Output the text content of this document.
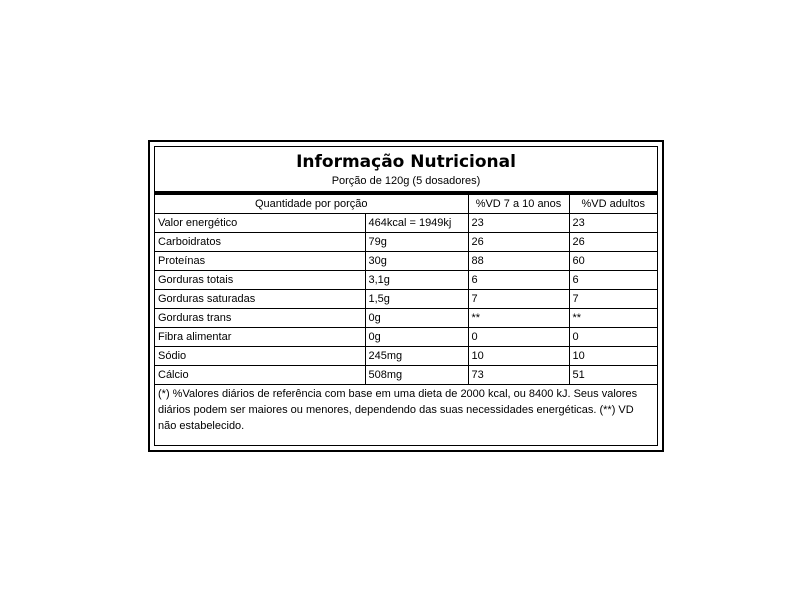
Informação Nutricional
Porção de 120g (5 dosadores)
Quantidade por porção		%VD 7 a 10 anos	%VD adultos
Valor energético	464kcal = 1949kj	23	23
Carboidratos	79g	26	26
Proteínas	30g	88	60
Gorduras totais	3,1g	6	6
Gorduras saturadas	1,5g	7	7
Gorduras trans	0g	**	**
Fibra alimentar	0g	0	0
Sódio	245mg	10	10
Cálcio	508mg	73	51
(*) %Valores diários de referência com base em uma dieta de 2000 kcal, ou 8400 kJ. Seus valores diários podem ser maiores ou menores, dependendo das suas necessidades energéticas. (**) VD não estabelecido.
